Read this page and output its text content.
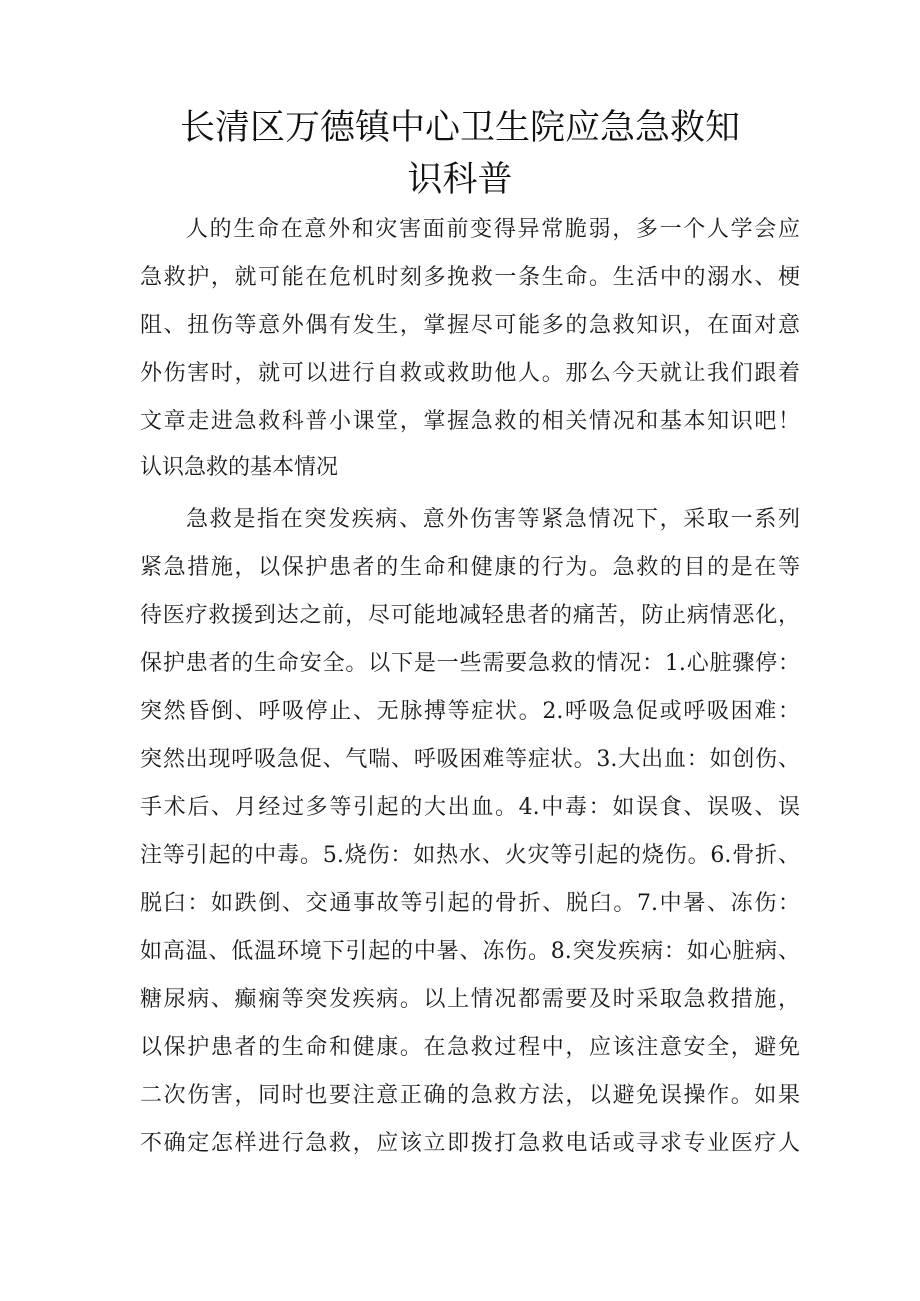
长清区万德镇中心卫生院应急急救知
识科普

人的生命在意外和灾害面前变得异常脆弱，多一个人学会应

急救护，就可能在危机时刻多挽救一条生命。生活中的溺水、梗

阻、扭伤等意外偶有发生，掌握尽可能多的急救知识，在面对意

外伤害时，就可以进行自救或救助他人。那么今天就让我们跟着

文章走进急救科普小课堂，掌握急救的相关情况和基本知识吧！

认识急救的基本情况

急救是指在突发疾病、意外伤害等紧急情况下，采取一系列

紧急措施，以保护患者的生命和健康的行为。急救的目的是在等

待医疗救援到达之前，尽可能地减轻患者的痛苦，防止病情恶化，

保护患者的生命安全。以下是一些需要急救的情况：1.心脏骤停：

突然昏倒、呼吸停止、无脉搏等症状。2.呼吸急促或呼吸困难：

突然出现呼吸急促、气喘、呼吸困难等症状。3.大出血：如创伤、

手术后、月经过多等引起的大出血。4.中毒：如误食、误吸、误

注等引起的中毒。5.烧伤：如热水、火灾等引起的烧伤。6.骨折、

脱臼：如跌倒、交通事故等引起的骨折、脱臼。7.中暑、冻伤：

如高温、低温环境下引起的中暑、冻伤。8.突发疾病：如心脏病、

糖尿病、癫痫等突发疾病。以上情况都需要及时采取急救措施，

以保护患者的生命和健康。在急救过程中，应该注意安全，避免

二次伤害，同时也要注意正确的急救方法，以避免误操作。如果

不确定怎样进行急救，应该立即拨打急救电话或寻求专业医疗人
